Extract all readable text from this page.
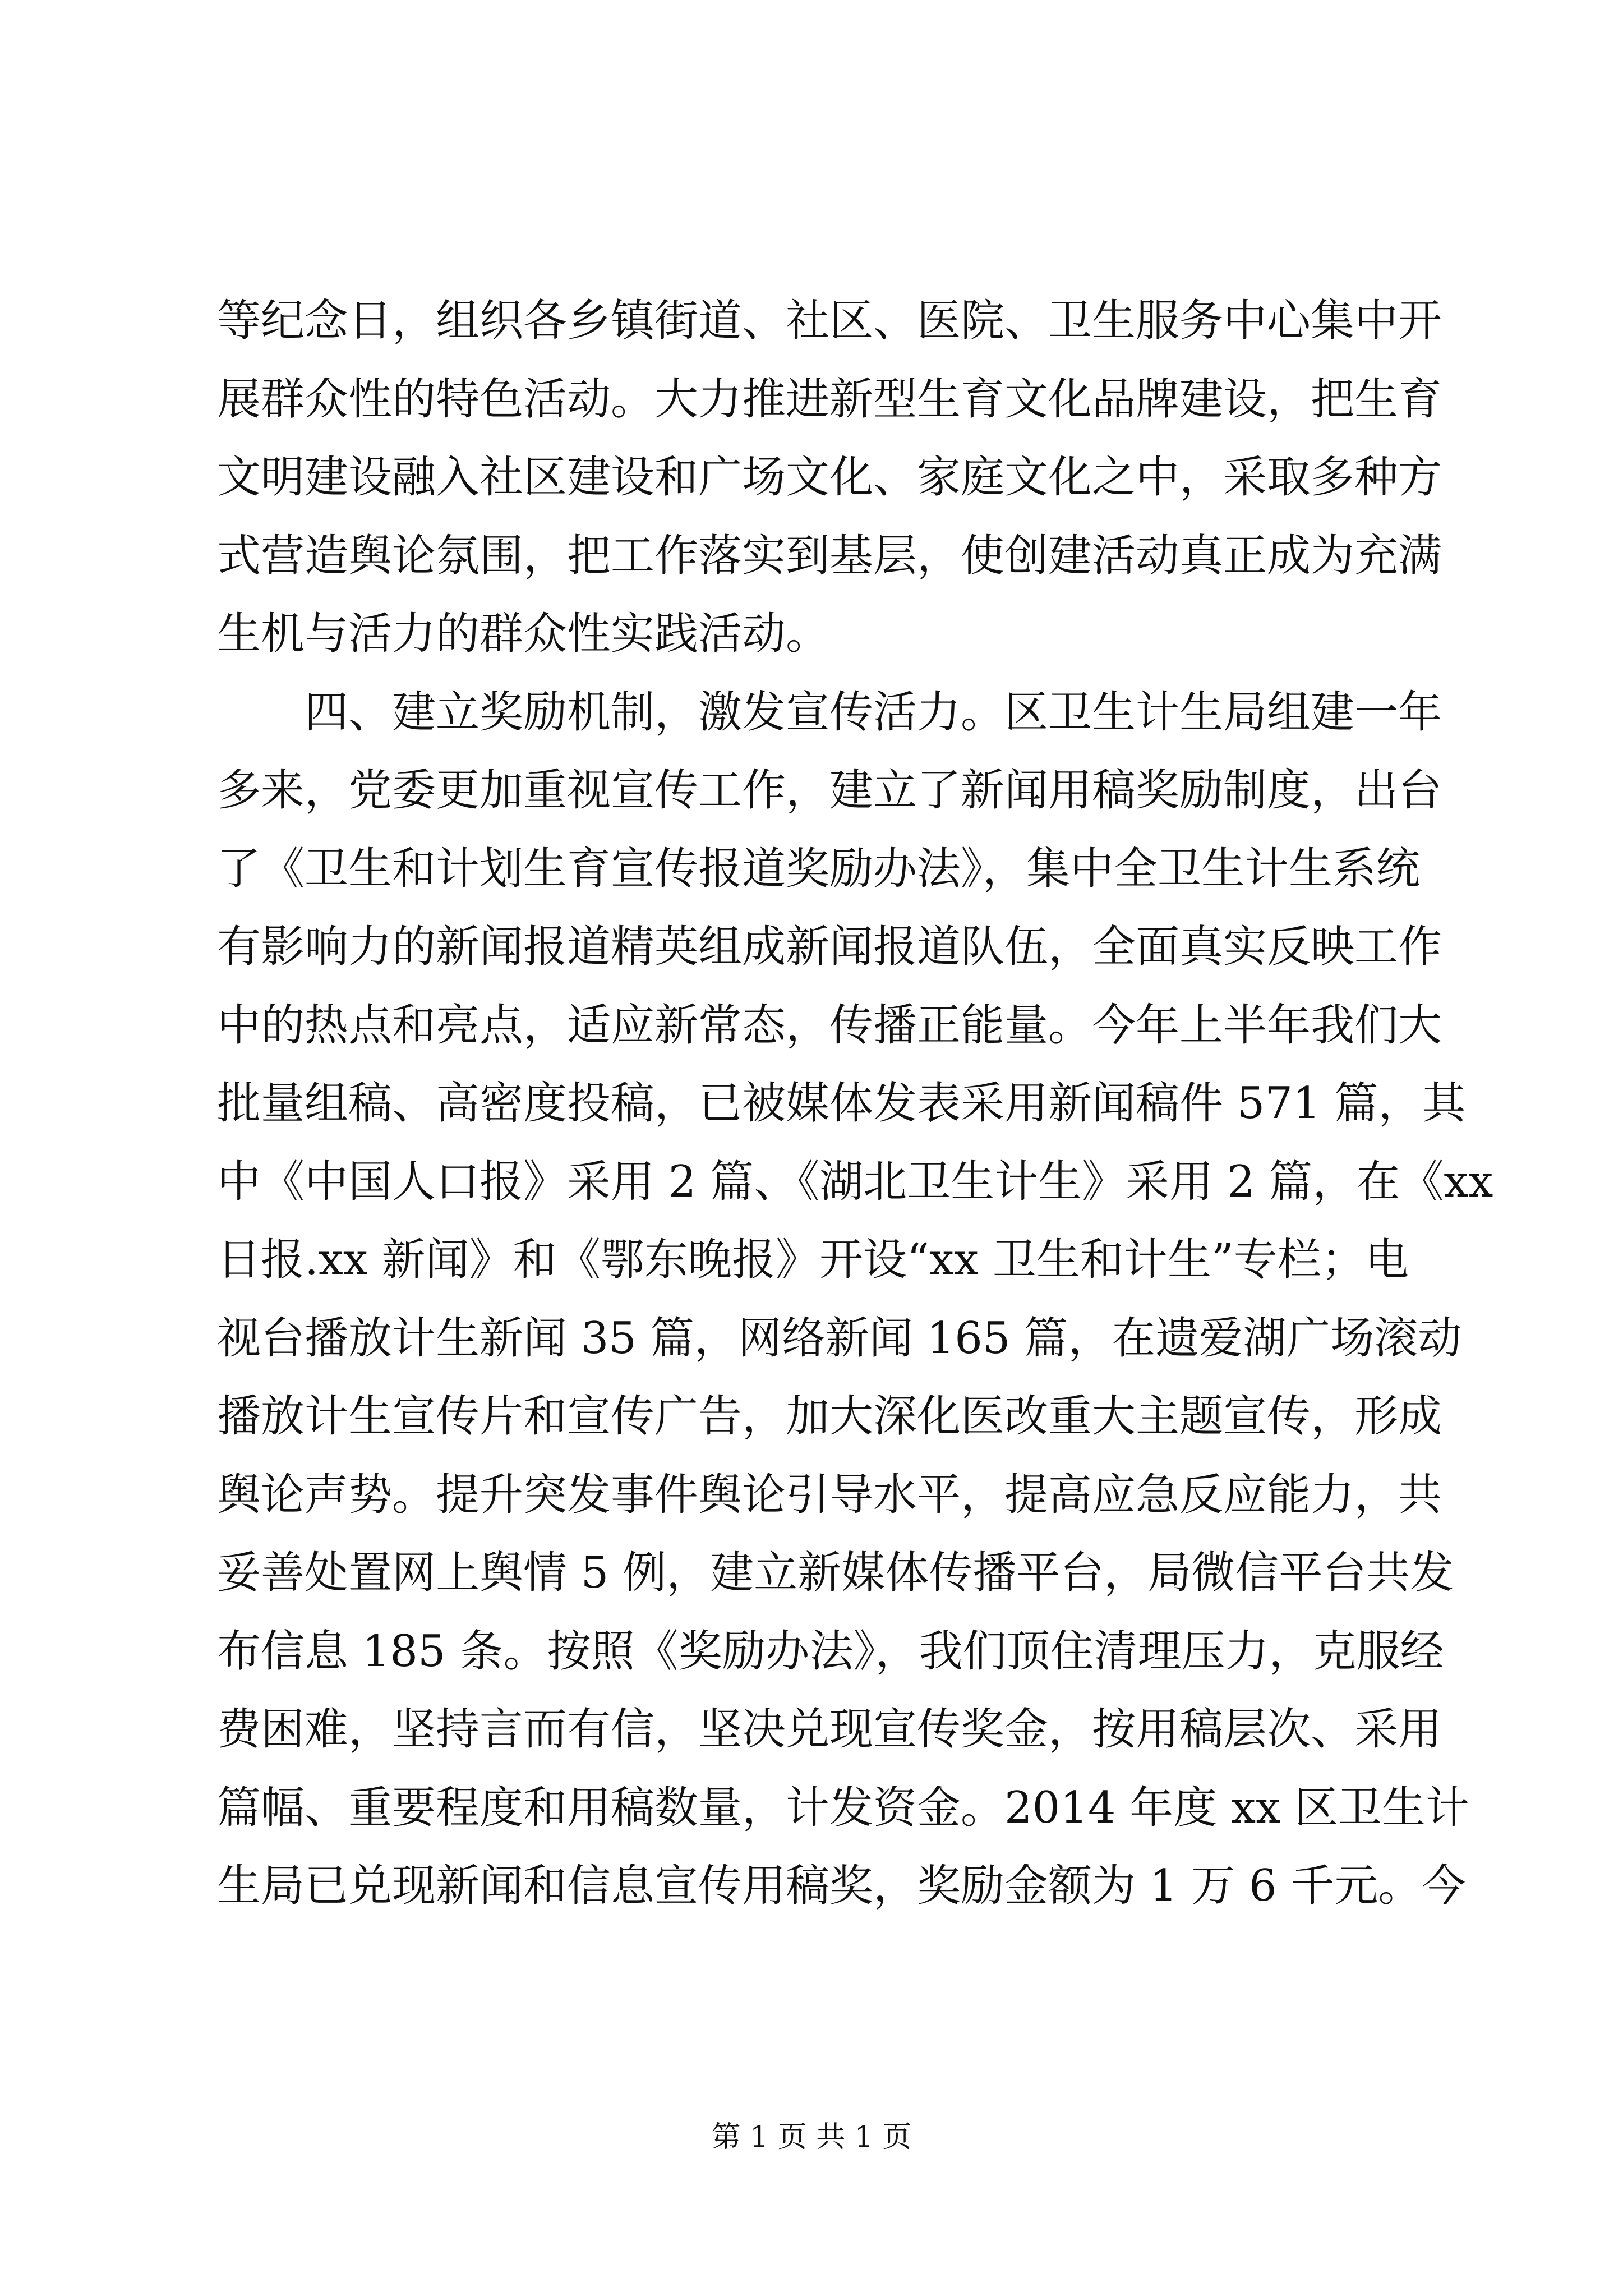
等纪念日，组织各乡镇街道、社区、医院、卫生服务中心集中开
展群众性的特色活动。大力推进新型生育文化品牌建设，把生育
文明建设融入社区建设和广场文化、家庭文化之中，采取多种方
式营造舆论氛围，把工作落实到基层，使创建活动真正成为充满
生机与活力的群众性实践活动。
四、建立奖励机制，激发宣传活力。区卫生计生局组建一年
多来，党委更加重视宣传工作，建立了新闻用稿奖励制度，出台
了《卫生和计划生育宣传报道奖励办法》，集中全卫生计生系统
有影响力的新闻报道精英组成新闻报道队伍，全面真实反映工作
中的热点和亮点，适应新常态，传播正能量。今年上半年我们大
批量组稿、高密度投稿，已被媒体发表采用新闻稿件 571 篇，其
中《中国人口报》采用 2 篇、《湖北卫生计生》采用 2 篇，在《xx
日报.xx 新闻》和《鄂东晚报》开设“xx 卫生和计生”专栏；电
视台播放计生新闻 35 篇，网络新闻 165 篇，在遗爱湖广场滚动
播放计生宣传片和宣传广告，加大深化医改重大主题宣传，形成
舆论声势。提升突发事件舆论引导水平，提高应急反应能力，共
妥善处置网上舆情 5 例，建立新媒体传播平台，局微信平台共发
布信息 185 条。按照《奖励办法》，我们顶住清理压力，克服经
费困难，坚持言而有信，坚决兑现宣传奖金，按用稿层次、采用
篇幅、重要程度和用稿数量，计发资金。2014 年度 xx 区卫生计
生局已兑现新闻和信息宣传用稿奖，奖励金额为 1 万 6 千元。今
第 1 页 共 1 页
